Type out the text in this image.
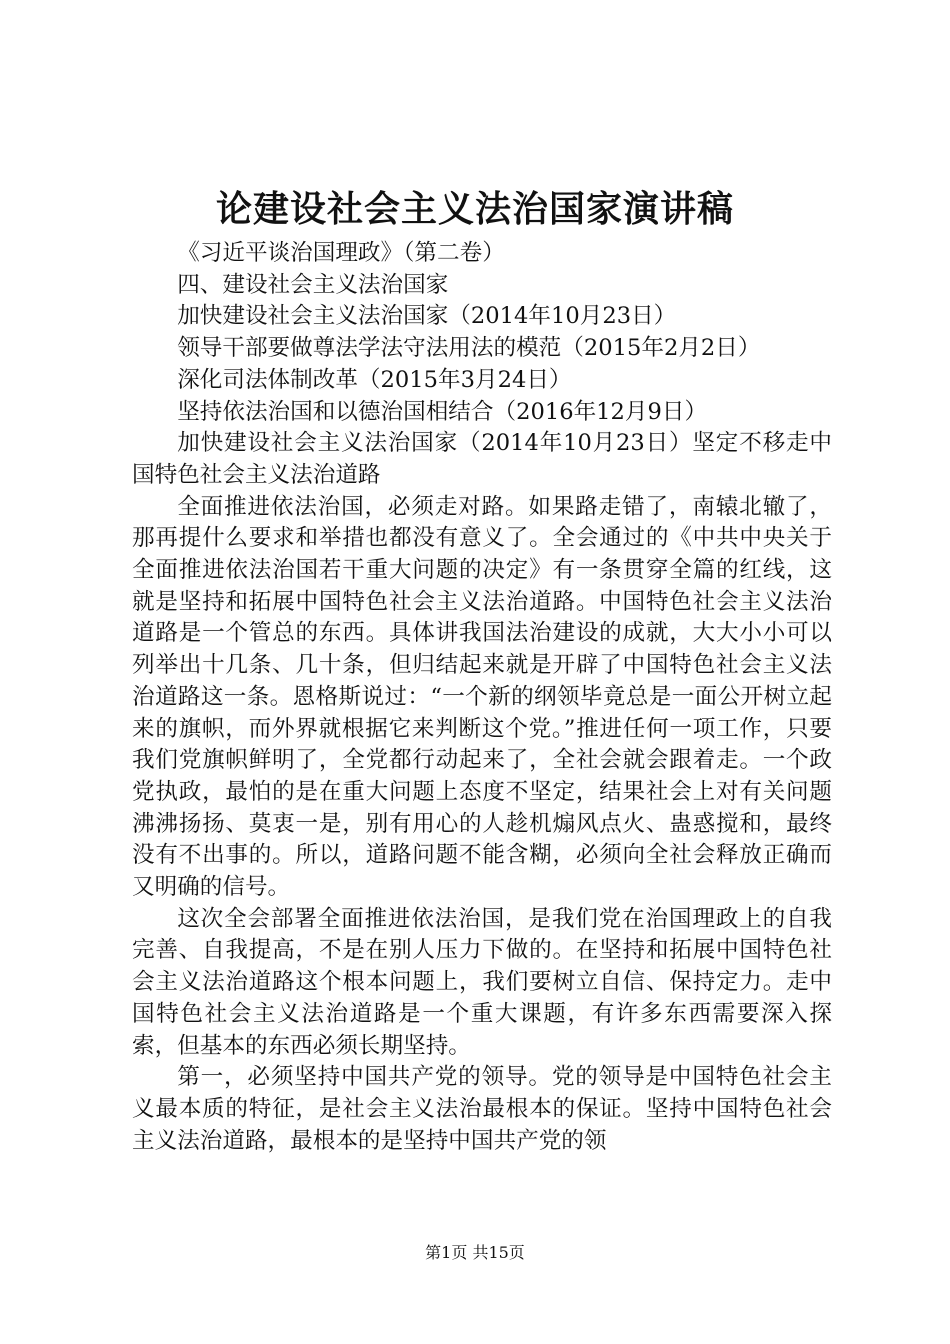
论建设社会主义法治国家演讲稿

《习近平谈治国理政》（第二卷）

四、建设社会主义法治国家

加快建设社会主义法治国家（2014年10月23日）

领导干部要做尊法学法守法用法的模范（2015年2月2日）

深化司法体制改革（2015年3月24日）

坚持依法治国和以德治国相结合（2016年12月9日）

加快建设社会主义法治国家（2014年10月23日）坚定不移走中国特色社会主义法治道路

全面推进依法治国，必须走对路。如果路走错了，南辕北辙了，那再提什么要求和举措也都没有意义了。全会通过的《中共中央关于全面推进依法治国若干重大问题的决定》有一条贯穿全篇的红线，这就是坚持和拓展中国特色社会主义法治道路。中国特色社会主义法治道路是一个管总的东西。具体讲我国法治建设的成就，大大小小可以列举出十几条、几十条，但归结起来就是开辟了中国特色社会主义法治道路这一条。恩格斯说过：“一个新的纲领毕竟总是一面公开树立起来的旗帜，而外界就根据它来判断这个党。”推进任何一项工作，只要我们党旗帜鲜明了，全党都行动起来了，全社会就会跟着走。一个政党执政，最怕的是在重大问题上态度不坚定，结果社会上对有关问题沸沸扬扬、莫衷一是，别有用心的人趁机煽风点火、蛊惑搅和，最终没有不出事的。所以，道路问题不能含糊，必须向全社会释放正确而又明确的信号。

这次全会部署全面推进依法治国，是我们党在治国理政上的自我完善、自我提高，不是在别人压力下做的。在坚持和拓展中国特色社会主义法治道路这个根本问题上，我们要树立自信、保持定力。走中国特色社会主义法治道路是一个重大课题，有许多东西需要深入探索，但基本的东西必须长期坚持。

第一，必须坚持中国共产党的领导。党的领导是中国特色社会主义最本质的特征，是社会主义法治最根本的保证。坚持中国特色社会主义法治道路，最根本的是坚持中国共产党的领

第1页 共15页
